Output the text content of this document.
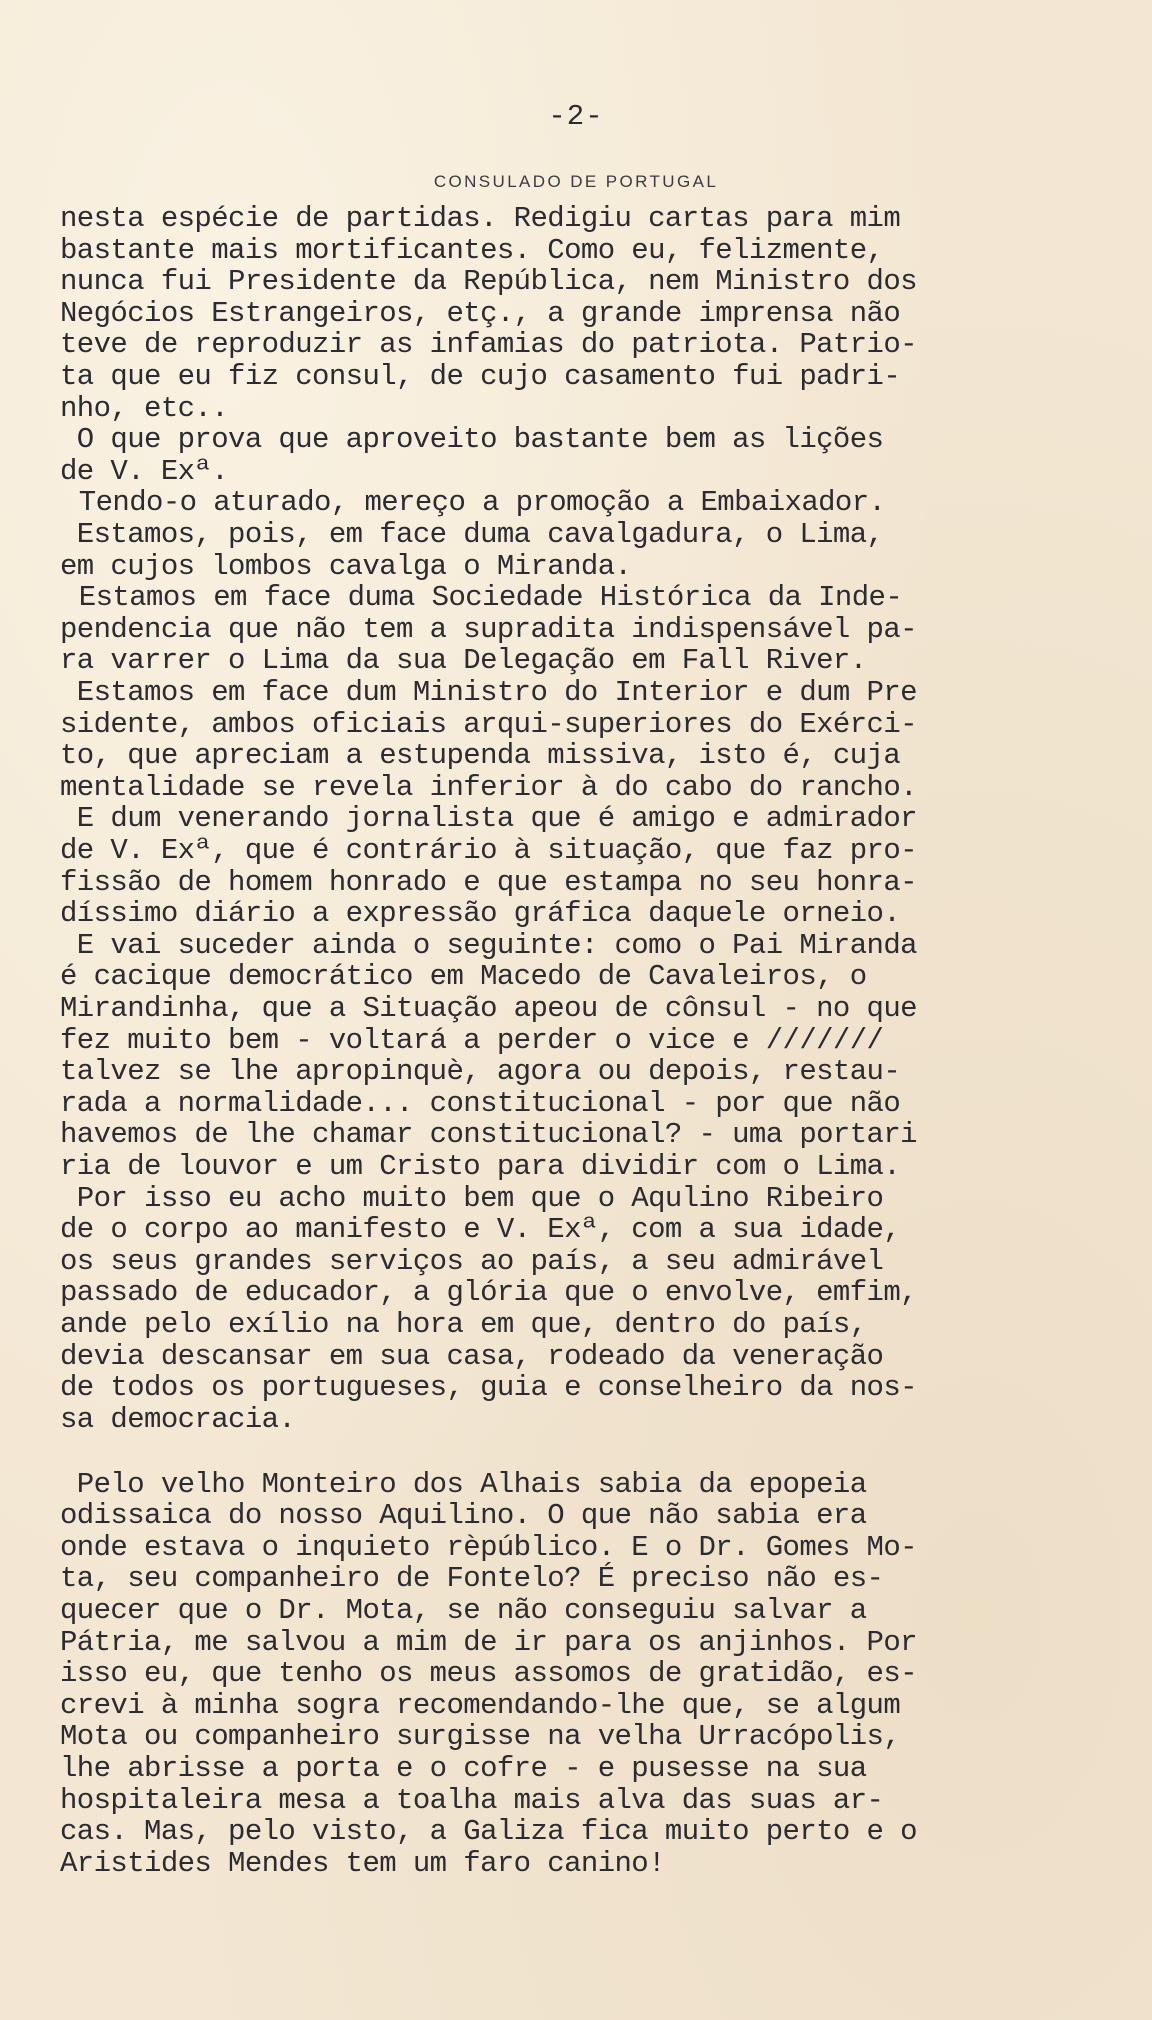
-2-
CONSULADO DE PORTUGAL
nesta espécie de partidas. Redigiu cartas para mim
bastante mais mortificantes. Como eu, felizmente,
nunca fui Presidente da República, nem Ministro dos
Negócios Estrangeiros, etç., a grande imprensa não
teve de reproduzir as infamias do patriota. Patrio-
ta que eu fiz consul, de cujo casamento fui padri-
nho, etc..
O que prova que aproveito bastante bem as lições
de V. Exª.
Tendo-o aturado, mereço a promoção a Embaixador.
Estamos, pois, em face duma cavalgadura, o Lima,
em cujos lombos cavalga o Miranda.
Estamos em face duma Sociedade Histórica da Inde-
pendencia que não tem a supradita indispensável pa-
ra varrer o Lima da sua Delegação em Fall River.
Estamos em face dum Ministro do Interior e dum Pre
sidente, ambos oficiais arqui-superiores do Exérci-
to, que apreciam a estupenda missiva, isto é, cuja
mentalidade se revela inferior à do cabo do rancho.
E dum venerando jornalista que é amigo e admirador
de V. Exª, que é contrário à situação, que faz pro-
fissão de homem honrado e que estampa no seu honra-
díssimo diário a expressão gráfica daquele orneio.
E vai suceder ainda o seguinte: como o Pai Miranda
é cacique democrático em Macedo de Cavaleiros, o
Mirandinha, que a Situação apeou de cônsul - no que
fez muito bem - voltará a perder o vice e ///////
talvez se lhe apropinquè, agora ou depois, restau-
rada a normalidade... constitucional - por que não
havemos de lhe chamar constitucional? - uma portari
ria de louvor e um Cristo para dividir com o Lima.
Por isso eu acho muito bem que o Aqulino Ribeiro
de o corpo ao manifesto e V. Exª, com a sua idade,
os seus grandes serviços ao país, a seu admirável
passado de educador, a glória que o envolve, emfim,
ande pelo exílio na hora em que, dentro do país,
devia descansar em sua casa, rodeado da veneração
de todos os portugueses, guia e conselheiro da nos-
sa democracia.
Pelo velho Monteiro dos Alhais sabia da epopeia
odissaica do nosso Aquilino. O que não sabia era
onde estava o inquieto rèpúblico. E o Dr. Gomes Mo-
ta, seu companheiro de Fontelo? É preciso não es-
quecer que o Dr. Mota, se não conseguiu salvar a
Pátria, me salvou a mim de ir para os anjinhos. Por
isso eu, que tenho os meus assomos de gratidão, es-
crevi à minha sogra recomendando-lhe que, se algum
Mota ou companheiro surgisse na velha Urracópolis,
lhe abrisse a porta e o cofre - e pusesse na sua
hospitaleira mesa a toalha mais alva das suas ar-
cas. Mas, pelo visto, a Galiza fica muito perto e o
Aristides Mendes tem um faro canino!
